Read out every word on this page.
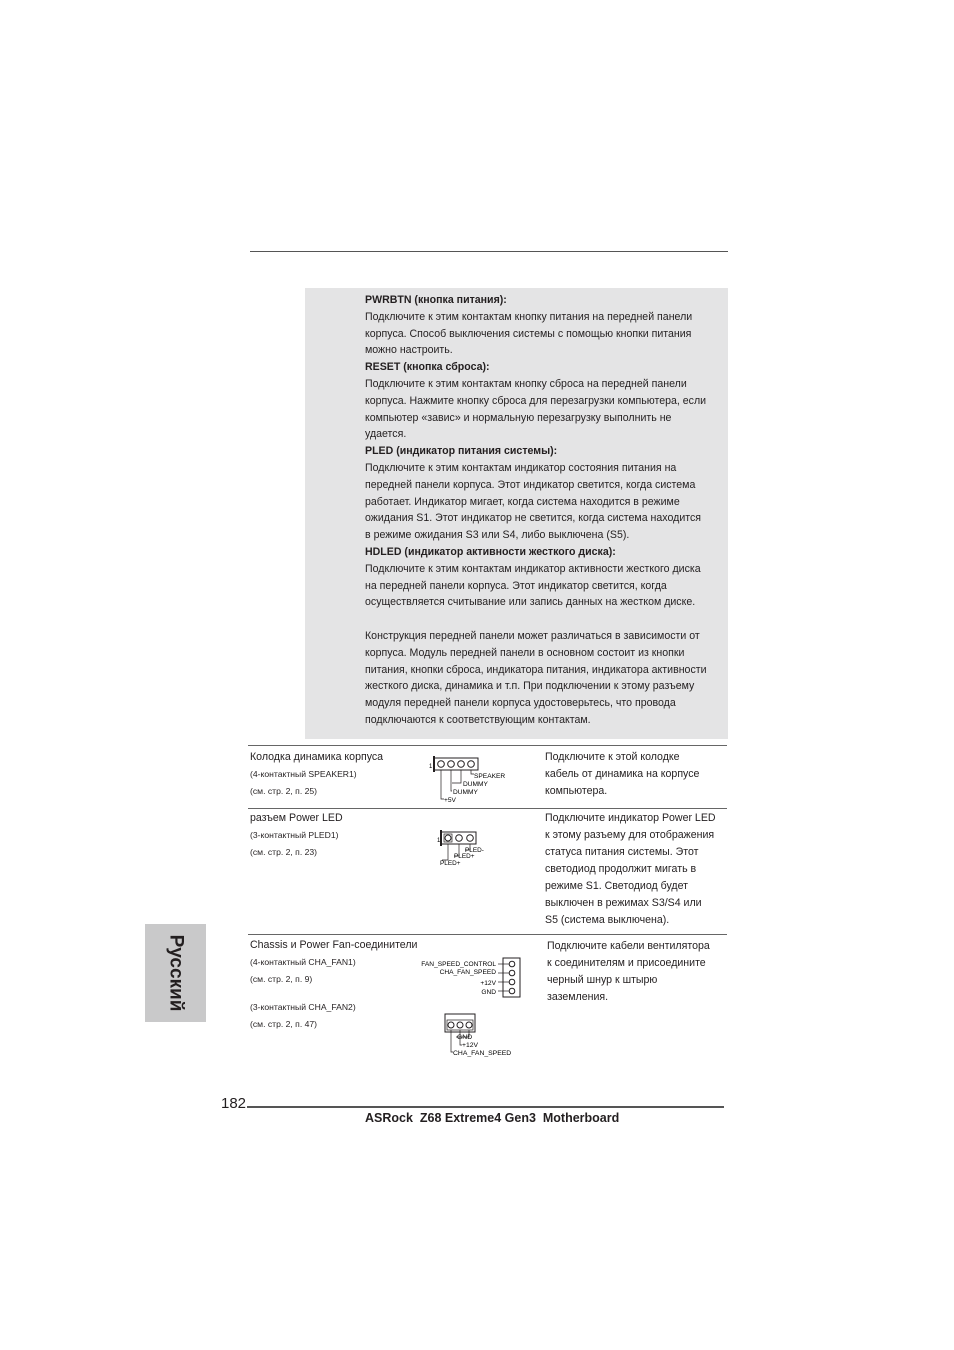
PWRBTN (кнопка питания):

Подключите к этим контактам кнопку питания на передней панели

корпуса. Способ выключения системы с помощью кнопки питания

можно настроить.

RESET (кнопка сброса):

Подключите к этим контактам кнопку сброса на передней панели

корпуса. Нажмите кнопку сброса для перезагрузки компьютера, если

компьютер «завис» и нормальную перезагрузку выполнить не

удается.

PLED (индикатор питания системы):

Подключите к этим контактам индикатор состояния питания на

передней панели корпуса. Этот индикатор светится, когда система

работает. Индикатор мигает, когда система находится в режиме

ожидания S1. Этот индикатор не светится, когда система находится

в режиме ожидания S3 или S4, либо выключена (S5).

HDLED (индикатор активности жесткого диска):

Подключите к этим контактам индикатор активности жесткого диска

на передней панели корпуса. Этот индикатор светится, когда

осуществляется считывание или запись данных на жестком диске.

Конструкция передней панели может различаться в зависимости от

корпуса. Модуль передней панели в основном состоит из кнопки

питания, кнопки сброса, индикатора питания, индикатора активности

жесткого диска, динамика и т.п. При подключении к этому разъему

модуля передней панели корпуса удостоверьтесь, что провода

подключаются к соответствующим контактам.

Колодка динамика корпуса
(4-контактный SPEAKER1)
(см. стр. 2, п. 25)
1
SPEAKER
DUMMY
DUMMY
+5V

Подключите к этой колодке

кабель от динамика на корпусе

компьютера.

разъем Power LED
(3-контактный PLED1)
(см. стр. 2, п. 23)
1
PLED-
PLED+
PLED+

Подключите индикатор Power LED

к этому разъему для отображения

статуса питания системы. Этот

светодиод продолжит мигать в

режиме S1. Светодиод будет

выключен в режимах S3/S4 или

S5 (система выключена).

Chassis и Power Fan-соединители
(4-контактный CHA_FAN1)
(см. стр. 2, п. 9)
(3-контактный CHA_FAN2)
(см. стр. 2, п. 47)
FAN_SPEED_CONTROL
CHA_FAN_SPEED
+12V
GND
GND
+12V
CHA_FAN_SPEED

Подключите кабели вентилятора

к соединителям и присоедините

черный шнур к штырю

заземления.

Русский
182
ASRock  Z68 Extreme4 Gen3  Motherboard
